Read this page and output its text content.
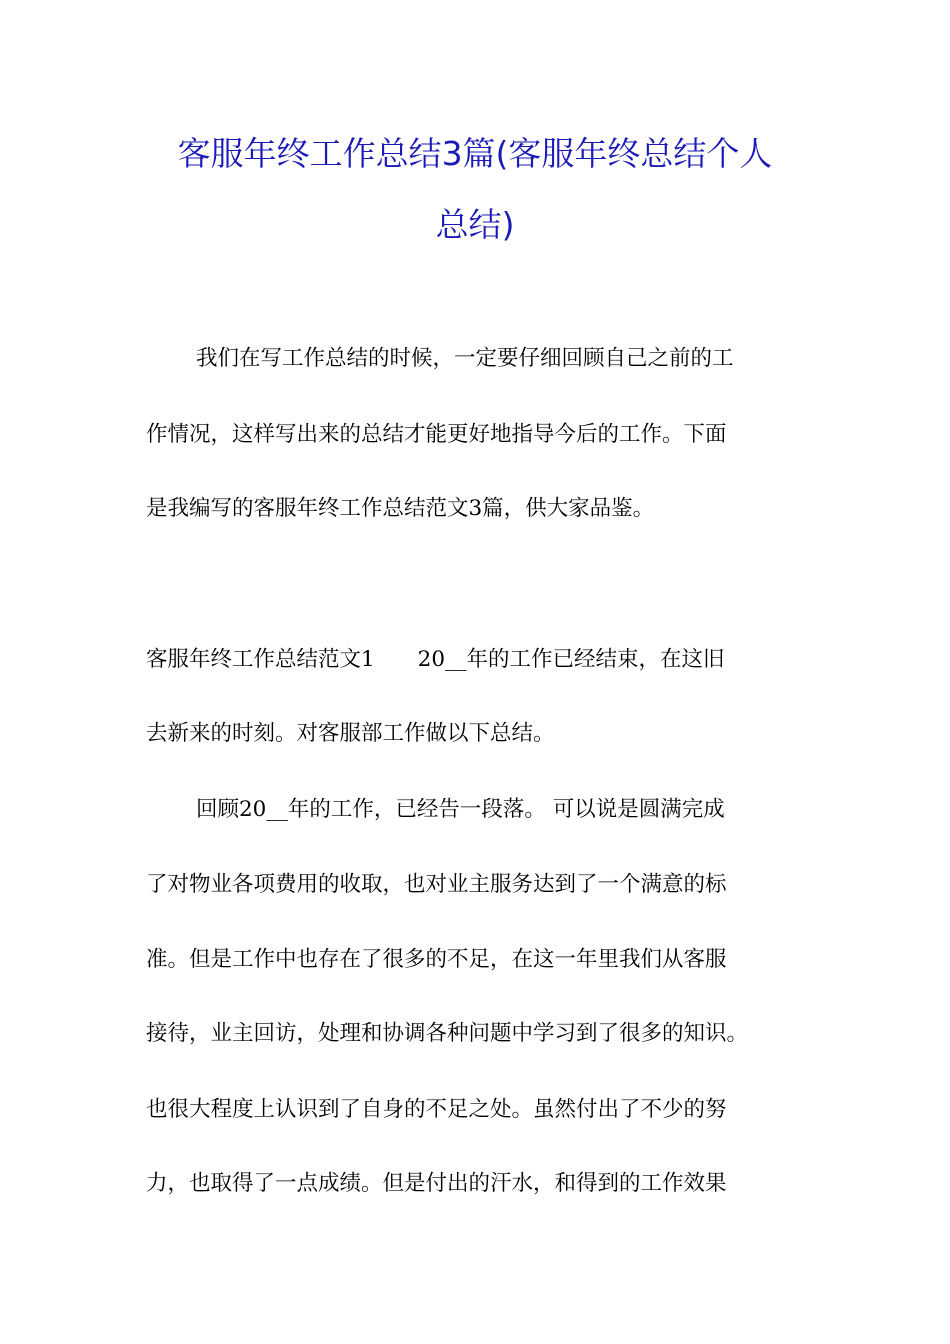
客服年终工作总结3篇(客服年终总结个人
总结)

我们在写工作总结的时候，一定要仔细回顾自己之前的工

作情况，这样写出来的总结才能更好地指导今后的工作。下面

是我编写的客服年终工作总结范文3篇，供大家品鉴。

客服年终工作总结范文1　　20__年的工作已经结束，在这旧

去新来的时刻。对客服部工作做以下总结。

回顾20__年的工作，已经告一段落。 可以说是圆满完成

了对物业各项费用的收取，也对业主服务达到了一个满意的标

准。但是工作中也存在了很多的不足，在这一年里我们从客服

接待，业主回访，处理和协调各种问题中学习到了很多的知识。

也很大程度上认识到了自身的不足之处。虽然付出了不少的努

力，也取得了一点成绩。但是付出的汗水，和得到的工作效果
